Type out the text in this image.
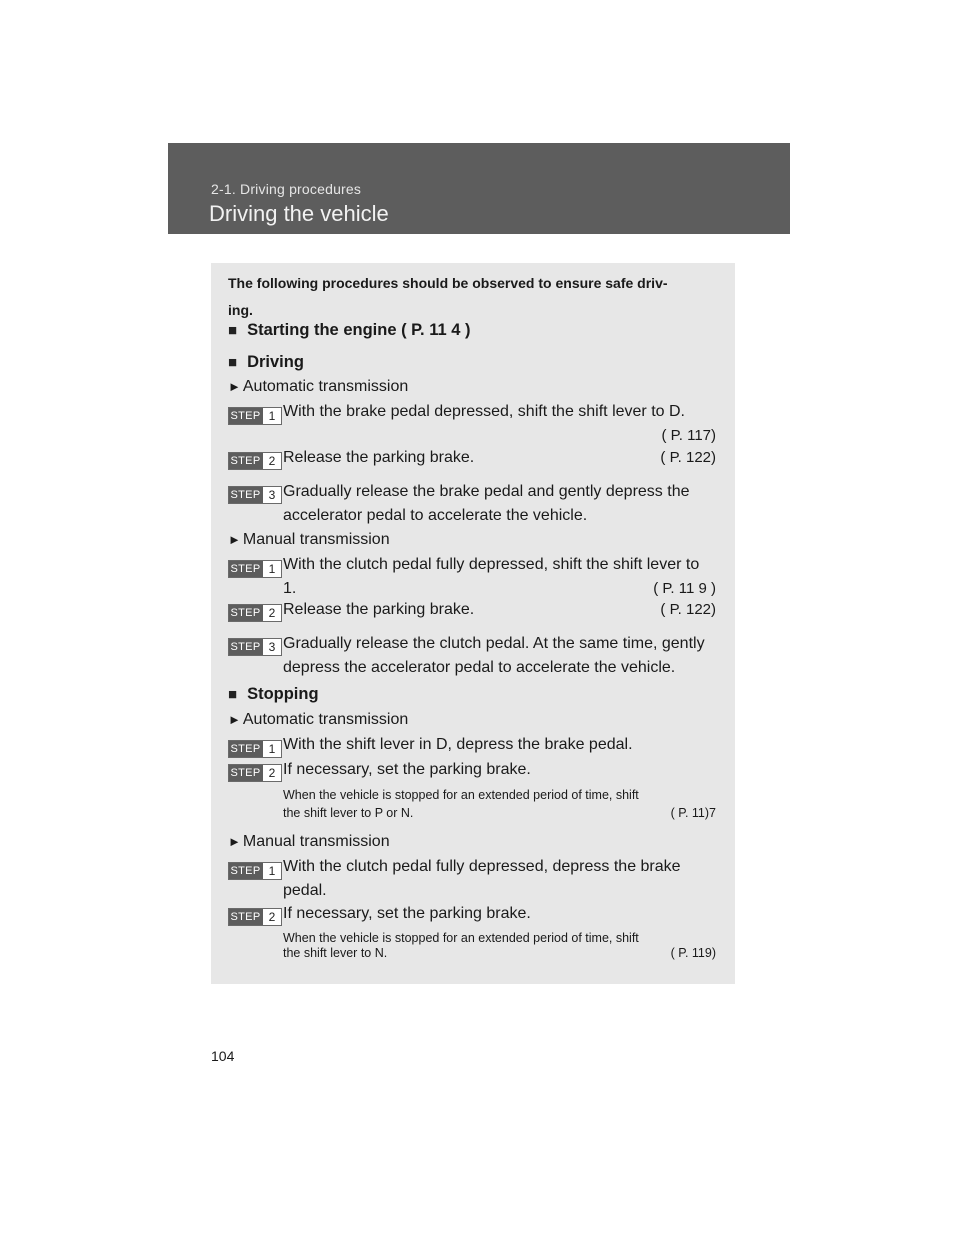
2‑1. Driving procedures
Driving the vehicle
The following procedures should be observed to ensure safe driv‑
ing.
■ Starting the engine ( P. 11 4 )
■ Driving
► Automatic transmission
STEP 1 With the brake pedal depressed, shift the shift lever to D.
( P. 117)
STEP 2 Release the parking brake.	( P. 122)
STEP 3 Gradually release the brake pedal and gently depress the
accelerator pedal to accelerate the vehicle.
► Manual transmission
STEP 1 With the clutch pedal fully depressed, shift the shift lever to
1.	( P. 11 9 )
STEP 2 Release the parking brake.	( P. 122)
STEP 3 Gradually release the clutch pedal. At the same time, gently
depress the accelerator pedal to accelerate the vehicle.
■ Stopping
► Automatic transmission
STEP 1 With the shift lever in D, depress the brake pedal.
STEP 2 If necessary, set the parking brake.
When the vehicle is stopped for an extended period of time, shift
the shift lever to P or N.	( P. 11)7
► Manual transmission
STEP 1 With the clutch pedal fully depressed, depress the brake
pedal.
STEP 2 If necessary, set the parking brake.
When the vehicle is stopped for an extended period of time, shift
the shift lever to N.	( P. 119)
104
